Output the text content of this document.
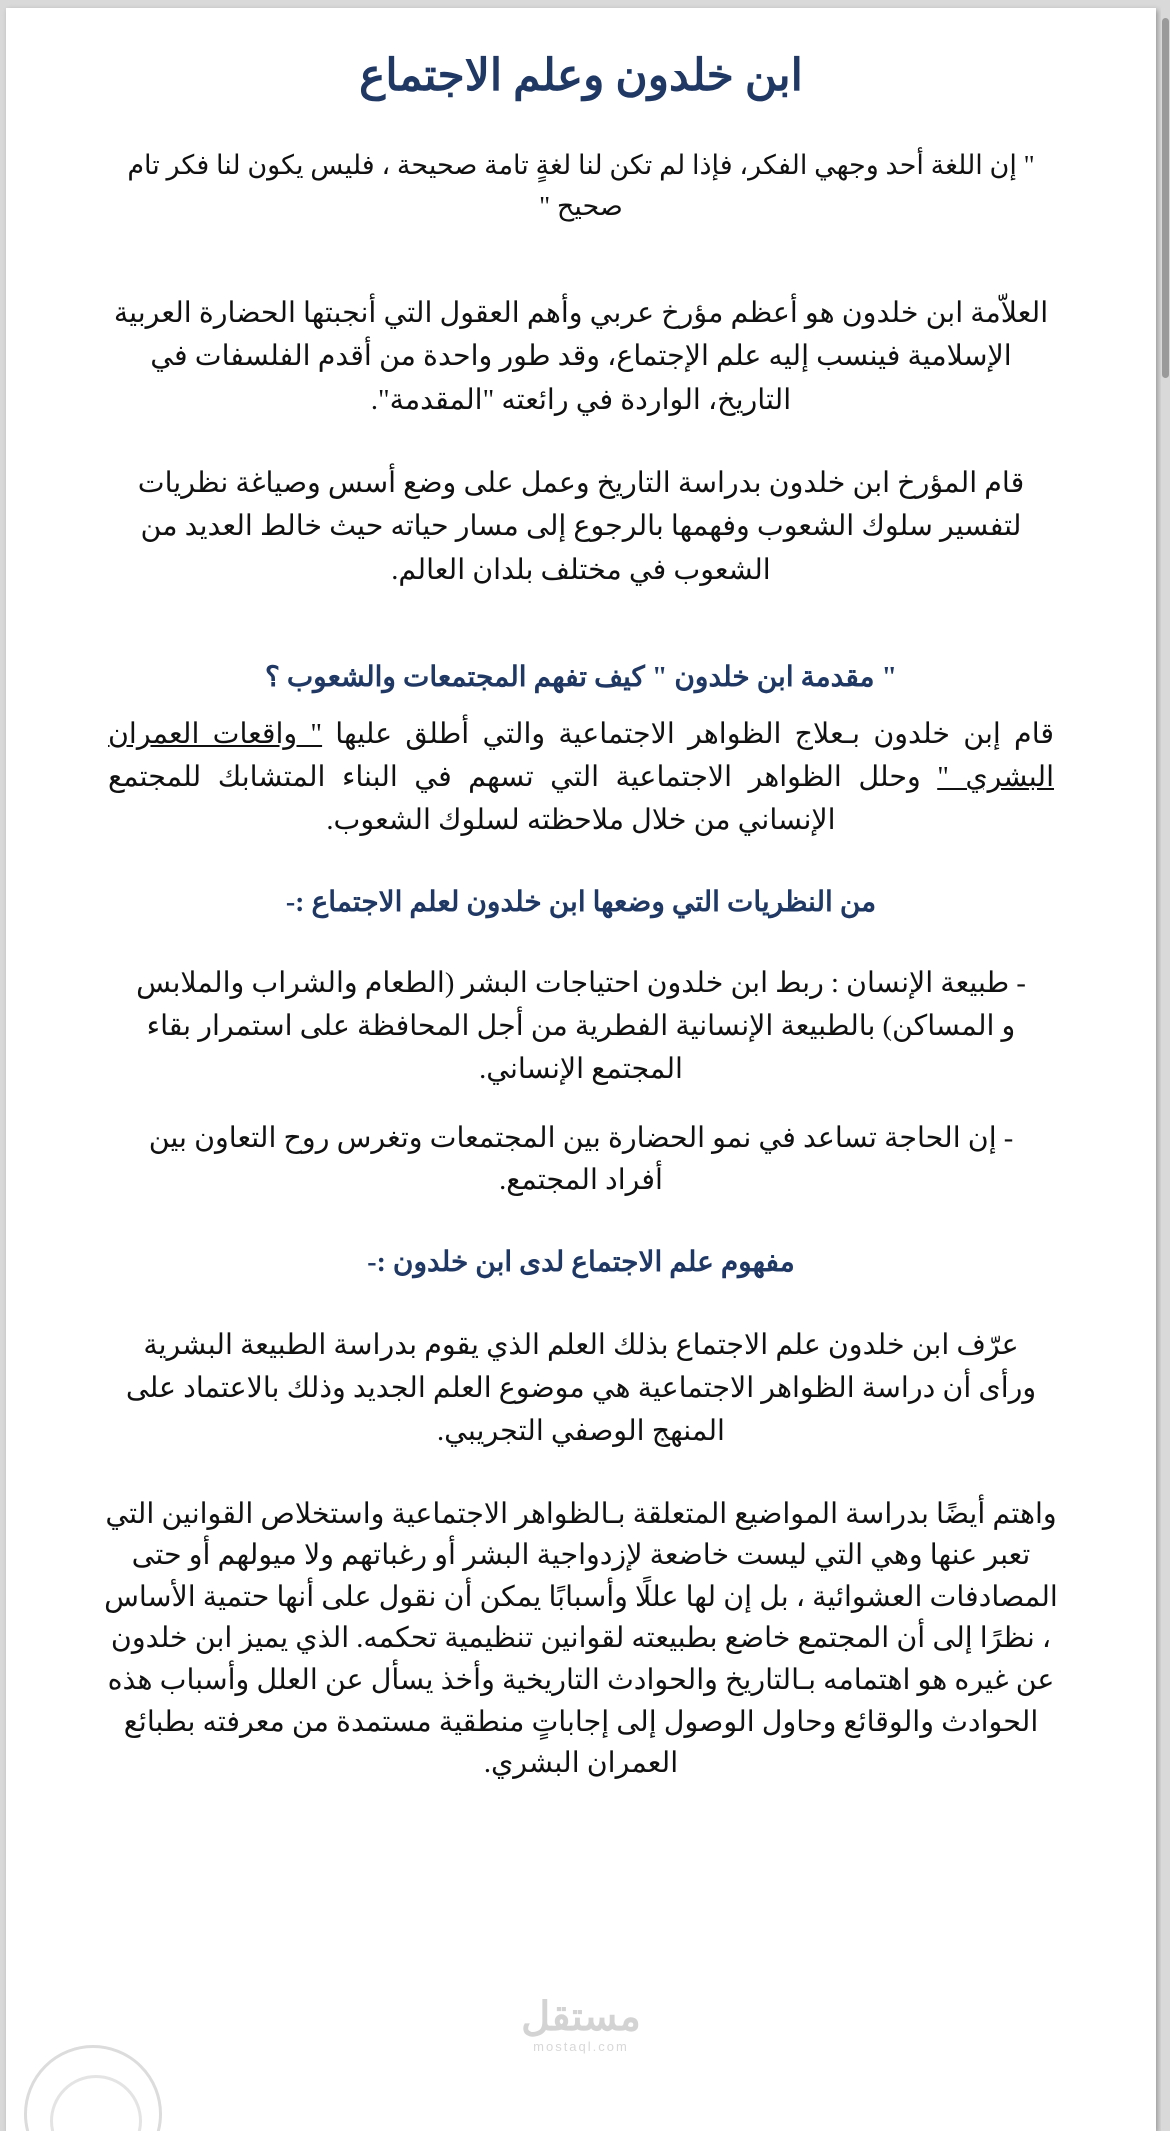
ابن خلدون وعلم الاجتماع
" إن اللغة أحد وجهي الفكر، فإذا لم تكن لنا لغةٍ تامة صحيحة ، فليس يكون لنا فكر تام صحيح "

العلاّمة ابن خلدون هو أعظم مؤرخ عربي وأهم العقول التي أنجبتها الحضارة العربية الإسلامية فينسب إليه علم الإجتماع، وقد طور واحدة من أقدم الفلسفات في التاريخ، الواردة في رائعته "المقدمة".

قام المؤرخ ابن خلدون بدراسة التاريخ وعمل على وضع أسس وصياغة نظريات لتفسير سلوك الشعوب وفهمها بالرجوع إلى مسار حياته حيث خالط العديد من الشعوب في مختلف بلدان العالم.

" مقدمة ابن خلدون " كيف تفهم المجتمعات والشعوب ؟

قام إبن خلدون بـعلاج الظواهر الاجتماعية والتي أطلق عليها " واقعات العمران البشري " وحلل الظواهر الاجتماعية التي تسهم في البناء المتشابك للمجتمع الإنساني من خلال ملاحظته لسلوك الشعوب.

من النظريات التي وضعها ابن خلدون لعلم الاجتماع :-

- طبيعة الإنسان : ربط ابن خلدون احتياجات البشر (الطعام والشراب والملابس و المساكن) بالطبيعة الإنسانية الفطرية من أجل المحافظة على استمرار بقاء المجتمع الإنساني.

- إن الحاجة تساعد في نمو الحضارة بين المجتمعات وتغرس روح التعاون بين أفراد المجتمع.

مفهوم علم الاجتماع لدى ابن خلدون :-

عرّف ابن خلدون علم الاجتماع بذلك العلم الذي يقوم بدراسة الطبيعة البشرية ورأى أن دراسة الظواهر الاجتماعية هي موضوع العلم الجديد وذلك بالاعتماد على المنهج الوصفي التجريبي.

واهتم أيضًا بدراسة المواضيع المتعلقة بـالظواهر الاجتماعية واستخلاص القوانين التي تعبر عنها وهي التي ليست خاضعة لإزدواجية البشر أو رغباتهم ولا ميولهم أو حتى المصادفات العشوائية ، بل إن لها عللًا وأسبابًا يمكن أن نقول على أنها حتمية الأساس ، نظرًا إلى أن المجتمع خاضع بطبيعته لقوانين تنظيمية تحكمه. الذي يميز ابن خلدون عن غيره هو اهتمامه بـالتاريخ والحوادث التاريخية وأخذ يسأل عن العلل وأسباب هذه الحوادث والوقائع وحاول الوصول إلى إجاباتٍ منطقية مستمدة من معرفته بطبائع العمران البشري.

مستقل
mostaql.com
